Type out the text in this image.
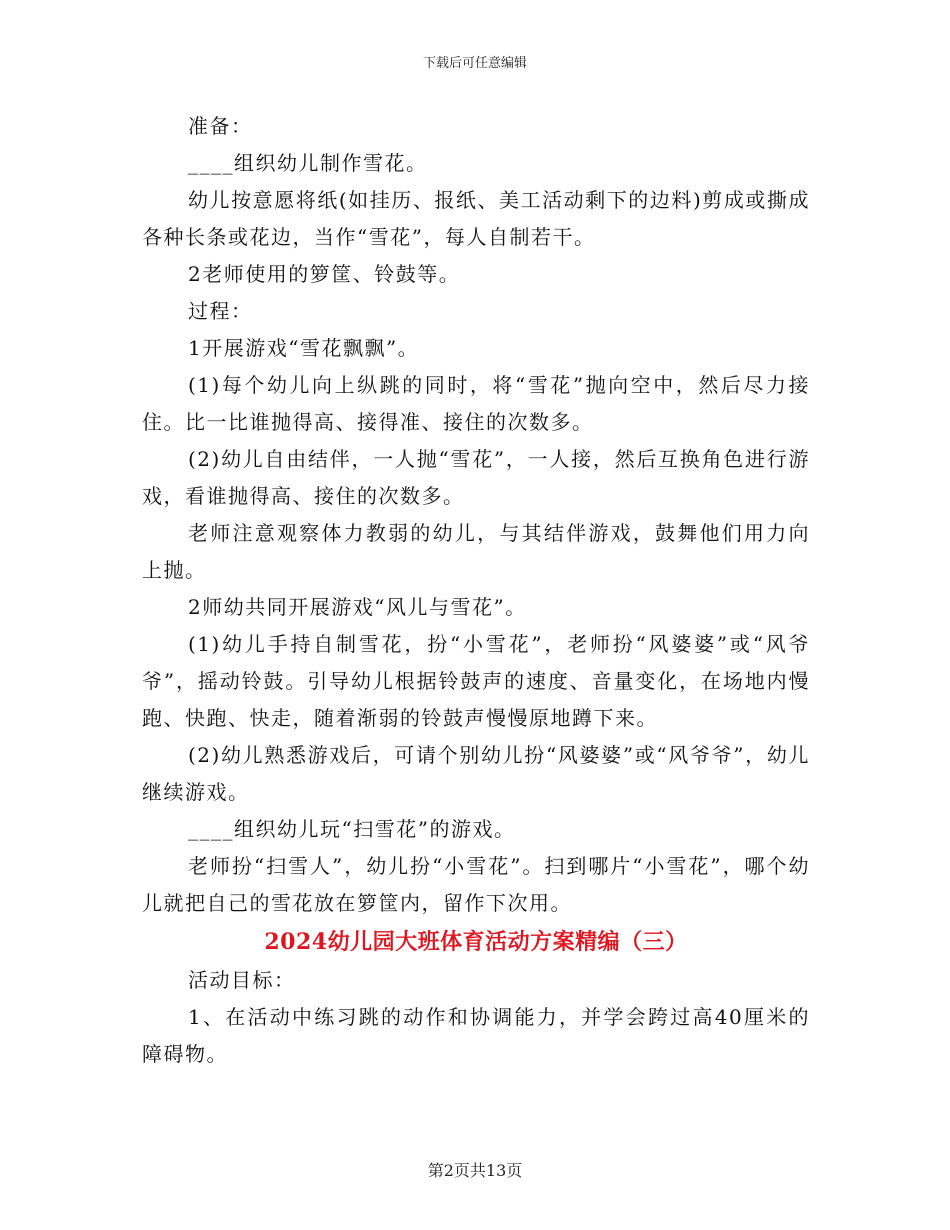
下载后可任意编辑

准备：

____组织幼儿制作雪花。

幼儿按意愿将纸(如挂历、报纸、美工活动剩下的边料)剪成或撕成各种长条或花边，当作“雪花”，每人自制若干。

2老师使用的箩筐、铃鼓等。

过程：

1开展游戏“雪花飘飘”。

(1)每个幼儿向上纵跳的同时，将“雪花”抛向空中，然后尽力接住。比一比谁抛得高、接得准、接住的次数多。

(2)幼儿自由结伴，一人抛“雪花”，一人接，然后互换角色进行游戏，看谁抛得高、接住的次数多。

老师注意观察体力教弱的幼儿，与其结伴游戏，鼓舞他们用力向上抛。

2师幼共同开展游戏“风儿与雪花”。

(1)幼儿手持自制雪花，扮“小雪花”，老师扮“风婆婆”或“风爷爷”，摇动铃鼓。引导幼儿根据铃鼓声的速度、音量变化，在场地内慢跑、快跑、快走，随着渐弱的铃鼓声慢慢原地蹲下来。

(2)幼儿熟悉游戏后，可请个别幼儿扮“风婆婆”或“风爷爷”，幼儿继续游戏。

____组织幼儿玩“扫雪花”的游戏。

老师扮“扫雪人”，幼儿扮“小雪花”。扫到哪片“小雪花”，哪个幼儿就把自己的雪花放在箩筐内，留作下次用。

2024幼儿园大班体育活动方案精编（三）

活动目标：

1、在活动中练习跳的动作和协调能力，并学会跨过高40厘米的障碍物。

第2页共13页
